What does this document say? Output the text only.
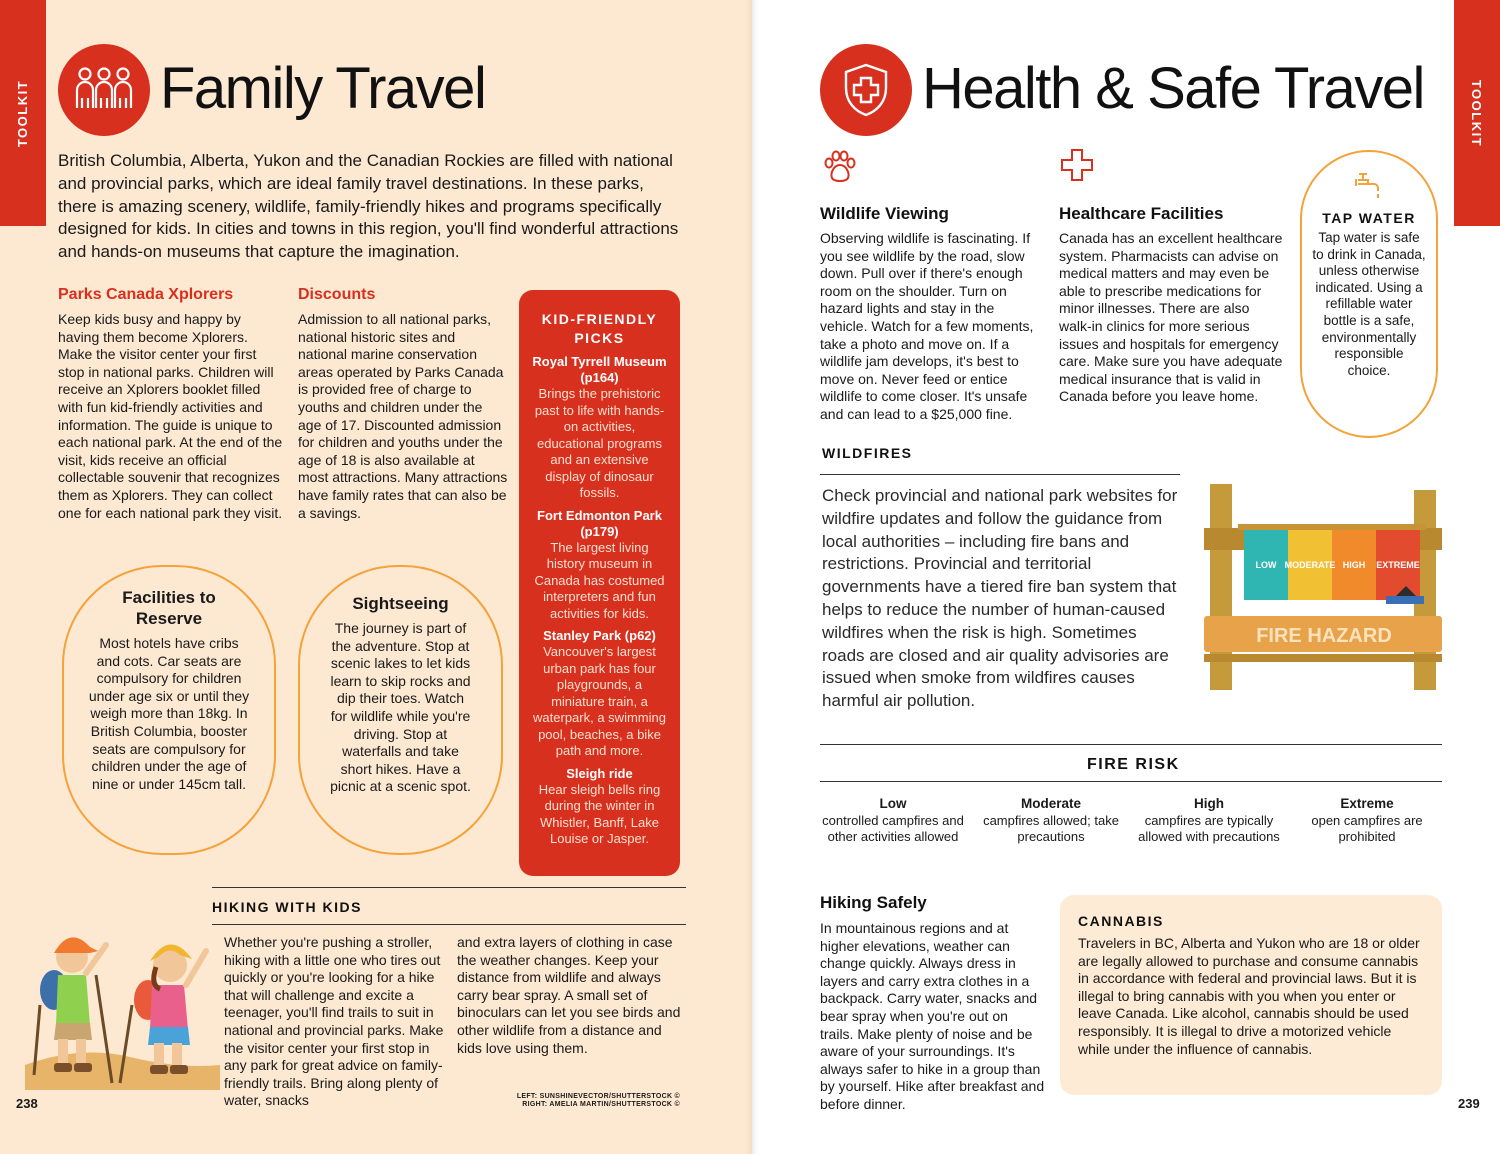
TOOLKIT	TOOLKIT
Family Travel
British Columbia, Alberta, Yukon and the Canadian Rockies are filled with national and provincial parks, which are ideal family travel destinations. In these parks, there is amazing scenery, wildlife, family-friendly hikes and programs specifically designed for kids. In cities and towns in this region, you'll find wonderful attractions and hands-on museums that capture the imagination.
Parks Canada Xplorers
Keep kids busy and happy by having them become Xplorers. Make the visitor center your first stop in national parks. Children will receive an Xplorers booklet filled with fun kid-friendly activities and information. The guide is unique to each national park. At the end of the visit, kids receive an official collectable souvenir that recognizes them as Xplorers. They can collect one for each national park they visit.
Discounts
Admission to all national parks, national historic sites and national marine conservation areas operated by Parks Canada is provided free of charge to youths and children under the age of 17. Discounted admission for children and youths under the age of 18 is also available at most attractions. Many attractions have family rates that can also be a savings.
KID-FRIENDLY PICKS
Royal Tyrrell Museum (p164)
Brings the prehistoric past to life with hands-on activities, educational programs and an extensive display of dinosaur fossils.
Fort Edmonton Park (p179)
The largest living history museum in Canada has costumed interpreters and fun activities for kids.
Stanley Park (p62)
Vancouver's largest urban park has four playgrounds, a miniature train, a waterpark, a swimming pool, beaches, a bike path and more.
Sleigh ride
Hear sleigh bells ring during the winter in Whistler, Banff, Lake Louise or Jasper.
Facilities to Reserve

Most hotels have cribs and cots. Car seats are compulsory for children under age six or until they weigh more than 18kg. In British Columbia, booster seats are compulsory for children under the age of nine or under 145cm tall.

Sightseeing

The journey is part of the adventure. Stop at scenic lakes to let kids learn to skip rocks and dip their toes. Watch for wildlife while you're driving. Stop at waterfalls and take short hikes. Have a picnic at a scenic spot.

HIKING WITH KIDS
Whether you're pushing a stroller, hiking with a little one who tires out quickly or you're looking for a hike that will challenge and excite a teenager, you'll find trails to suit in national and provincial parks. Make the visitor center your first stop in any park for great advice on family-friendly trails. Bring along plenty of water, snacks
and extra layers of clothing in case the weather changes. Keep your distance from wildlife and always carry bear spray. A small set of binoculars can let you see birds and other wildlife from a distance and kids love using them.
238	LEFT: SUNSHINEVECTOR/SHUTTERSTOCK ©
RIGHT: AMELIA MARTIN/SHUTTERSTOCK ©
Health & Safe Travel
Wildlife Viewing
Observing wildlife is fascinating. If you see wildlife by the road, slow down. Pull over if there's enough room on the shoulder. Turn on hazard lights and stay in the vehicle. Watch for a few moments, take a photo and move on. If a wildlife jam develops, it's best to move on. Never feed or entice wildlife to come closer. It's unsafe and can lead to a $25,000 fine.
Healthcare Facilities
Canada has an excellent healthcare system. Pharmacists can advise on medical matters and may even be able to prescribe medications for minor illnesses. There are also walk-in clinics for more serious issues and hospitals for emergency care. Make sure you have adequate medical insurance that is valid in Canada before you leave home.
TAP WATER

Tap water is safe to drink in Canada, unless otherwise indicated. Using a refillable water bottle is a safe, environmentally responsible choice.

WILDFIRES
Check provincial and national park websites for wildfire updates and follow the guidance from local authorities – including fire bans and restrictions. Provincial and territorial governments have a tiered fire ban system that helps to reduce the number of human-caused wildfires when the risk is high. Sometimes roads are closed and air quality advisories are issued when smoke from wildfires causes harmful air pollution.
LOW MODERATE HIGH EXTREME
FIRE HAZARD
FIRE RISK
Low
controlled campfires and other activities allowed
Moderate
campfires allowed; take precautions
High
campfires are typically allowed with precautions
Extreme
open campfires are prohibited
Hiking Safely
In mountainous regions and at higher elevations, weather can change quickly. Always dress in layers and carry extra clothes in a backpack. Carry water, snacks and bear spray when you're out on trails. Make plenty of noise and be aware of your surroundings. It's always safer to hike in a group than by yourself. Hike after breakfast and before dinner.
CANNABIS
Travelers in BC, Alberta and Yukon who are 18 or older are legally allowed to purchase and consume cannabis in accordance with federal and provincial laws. But it is illegal to bring cannabis with you when you enter or leave Canada. Like alcohol, cannabis should be used responsibly. It is illegal to drive a motorized vehicle while under the influence of cannabis.
239
